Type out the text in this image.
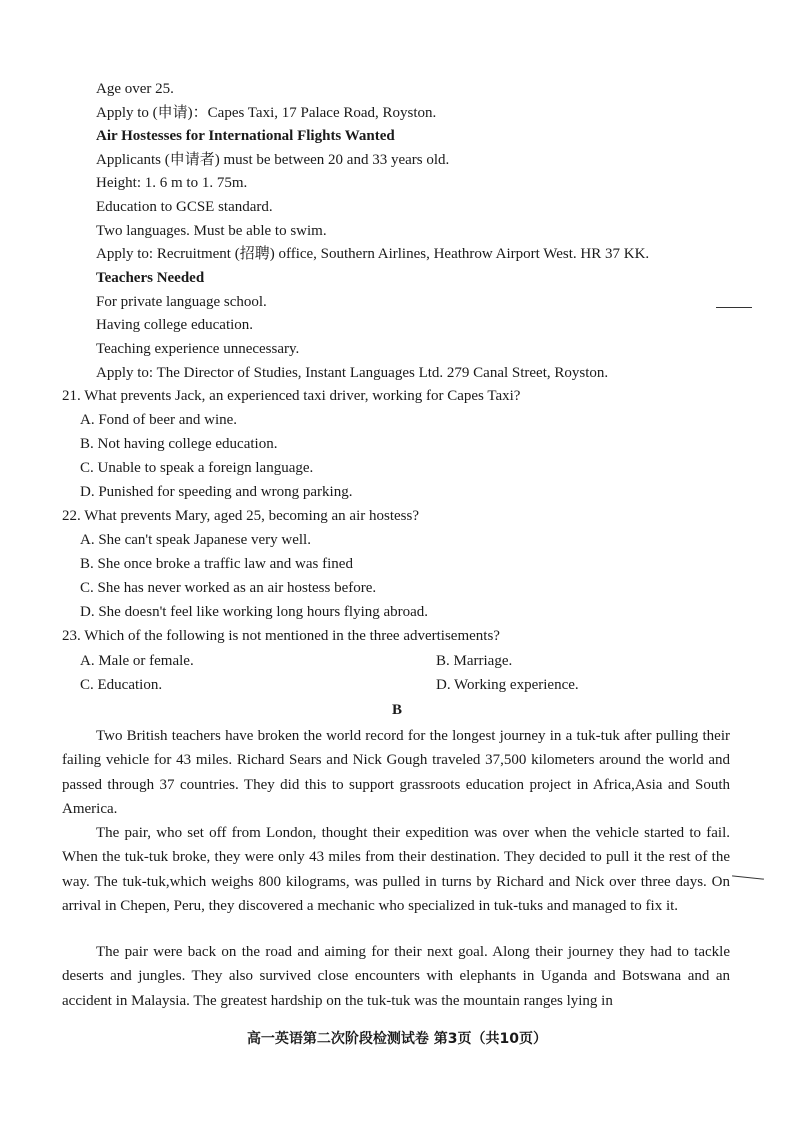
Age over 25.
Apply to (申请)：Capes Taxi, 17 Palace Road, Royston.
Air Hostesses for International Flights Wanted
Applicants (申请者) must be between 20 and 33 years old.
Height: 1. 6 m to 1. 75m.
Education to GCSE standard.
Two languages. Must be able to swim.
Apply to: Recruitment (招聘) office, Southern Airlines, Heathrow Airport West. HR 37 KK.
Teachers Needed
For private language school.
Having college education.
Teaching experience unnecessary.
Apply to: The Director of Studies, Instant Languages Ltd. 279 Canal Street, Royston.
21. What prevents Jack, an experienced taxi driver, working for Capes Taxi?
A. Fond of beer and wine.
B. Not having college education.
C. Unable to speak a foreign language.
D. Punished for speeding and wrong parking.
22. What prevents Mary, aged 25, becoming an air hostess?
A. She can't speak Japanese very well.
B. She once broke a traffic law and was fined
C. She has never worked as an air hostess before.
D. She doesn't feel like working long hours flying abroad.
23. Which of the following is not mentioned in the three advertisements?
A. Male or female.	B. Marriage.
C. Education.	D. Working experience.
B
Two British teachers have broken the world record for the longest journey in a tuk-tuk after pulling their failing vehicle for 43 miles. Richard Sears and Nick Gough traveled 37,500 kilometers around the world and passed through 37 countries. They did this to support grassroots education project in Africa,Asia and South America.
The pair, who set off from London, thought their expedition was over when the vehicle started to fail. When the tuk-tuk broke, they were only 43 miles from their destination. They decided to pull it the rest of the way. The tuk-tuk,which weighs 800 kilograms, was pulled in turns by Richard and Nick over three days. On arrival in Chepen, Peru, they discovered a mechanic who specialized in tuk-tuks and managed to fix it.
The pair were back on the road and aiming for their next goal. Along their journey they had to tackle deserts and jungles. They also survived close encounters with elephants in Uganda and Botswana and an accident in Malaysia. The greatest hardship on the tuk-tuk was the mountain ranges lying in
高一英语第二次阶段检测试卷 第3页（共10页）
